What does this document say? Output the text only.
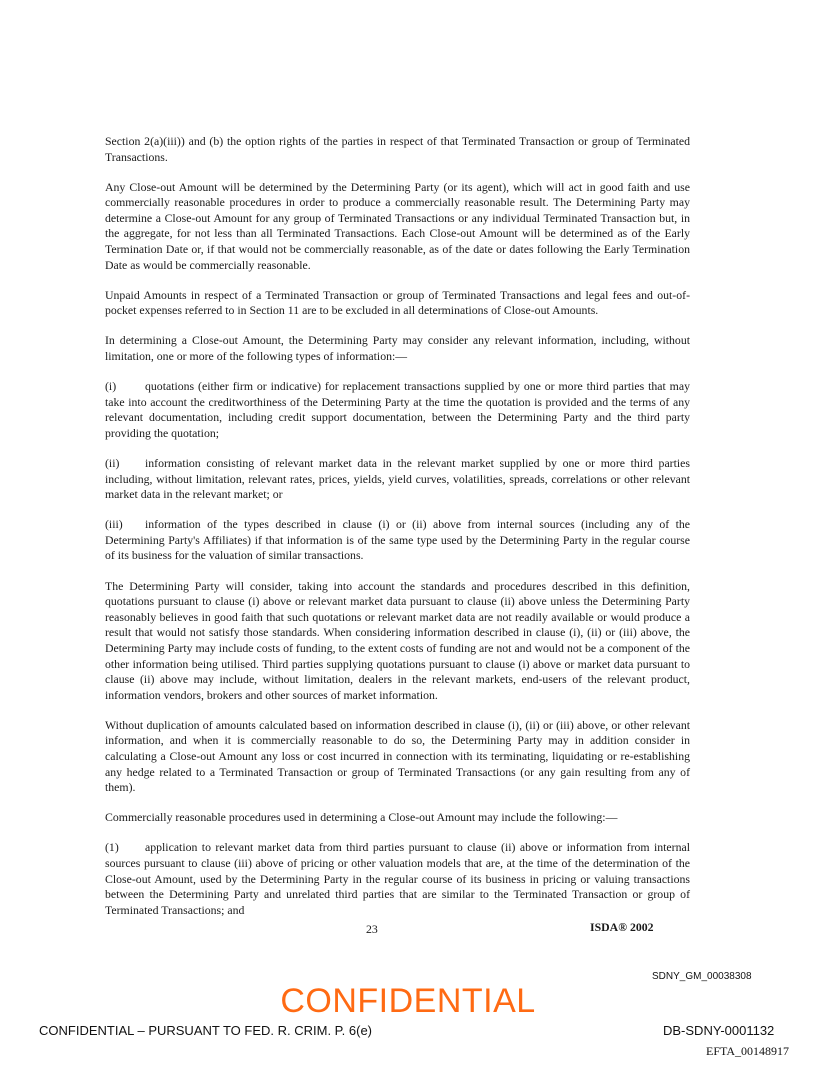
Section 2(a)(iii)) and (b) the option rights of the parties in respect of that Terminated Transaction or group of Terminated Transactions.

Any Close-out Amount will be determined by the Determining Party (or its agent), which will act in good faith and use commercially reasonable procedures in order to produce a commercially reasonable result. The Determining Party may determine a Close-out Amount for any group of Terminated Transactions or any individual Terminated Transaction but, in the aggregate, for not less than all Terminated Transactions. Each Close-out Amount will be determined as of the Early Termination Date or, if that would not be commercially reasonable, as of the date or dates following the Early Termination Date as would be commercially reasonable.

Unpaid Amounts in respect of a Terminated Transaction or group of Terminated Transactions and legal fees and out-of-pocket expenses referred to in Section 11 are to be excluded in all determinations of Close-out Amounts.

In determining a Close-out Amount, the Determining Party may consider any relevant information, including, without limitation, one or more of the following types of information:—

(i) quotations (either firm or indicative) for replacement transactions supplied by one or more third parties that may take into account the creditworthiness of the Determining Party at the time the quotation is provided and the terms of any relevant documentation, including credit support documentation, between the Determining Party and the third party providing the quotation;

(ii) information consisting of relevant market data in the relevant market supplied by one or more third parties including, without limitation, relevant rates, prices, yields, yield curves, volatilities, spreads, correlations or other relevant market data in the relevant market; or

(iii) information of the types described in clause (i) or (ii) above from internal sources (including any of the Determining Party's Affiliates) if that information is of the same type used by the Determining Party in the regular course of its business for the valuation of similar transactions.

The Determining Party will consider, taking into account the standards and procedures described in this definition, quotations pursuant to clause (i) above or relevant market data pursuant to clause (ii) above unless the Determining Party reasonably believes in good faith that such quotations or relevant market data are not readily available or would produce a result that would not satisfy those standards. When considering information described in clause (i), (ii) or (iii) above, the Determining Party may include costs of funding, to the extent costs of funding are not and would not be a component of the other information being utilised. Third parties supplying quotations pursuant to clause (i) above or market data pursuant to clause (ii) above may include, without limitation, dealers in the relevant markets, end-users of the relevant product, information vendors, brokers and other sources of market information.

Without duplication of amounts calculated based on information described in clause (i), (ii) or (iii) above, or other relevant information, and when it is commercially reasonable to do so, the Determining Party may in addition consider in calculating a Close-out Amount any loss or cost incurred in connection with its terminating, liquidating or re-establishing any hedge related to a Terminated Transaction or group of Terminated Transactions (or any gain resulting from any of them).

Commercially reasonable procedures used in determining a Close-out Amount may include the following:—

(1) application to relevant market data from third parties pursuant to clause (ii) above or information from internal sources pursuant to clause (iii) above of pricing or other valuation models that are, at the time of the determination of the Close-out Amount, used by the Determining Party in the regular course of its business in pricing or valuing transactions between the Determining Party and unrelated third parties that are similar to the Terminated Transaction or group of Terminated Transactions; and

23	ISDA® 2002
SDNY_GM_00038308
CONFIDENTIAL
CONFIDENTIAL – PURSUANT TO FED. R. CRIM. P. 6(e)	DB-SDNY-0001132
EFTA_00148917
